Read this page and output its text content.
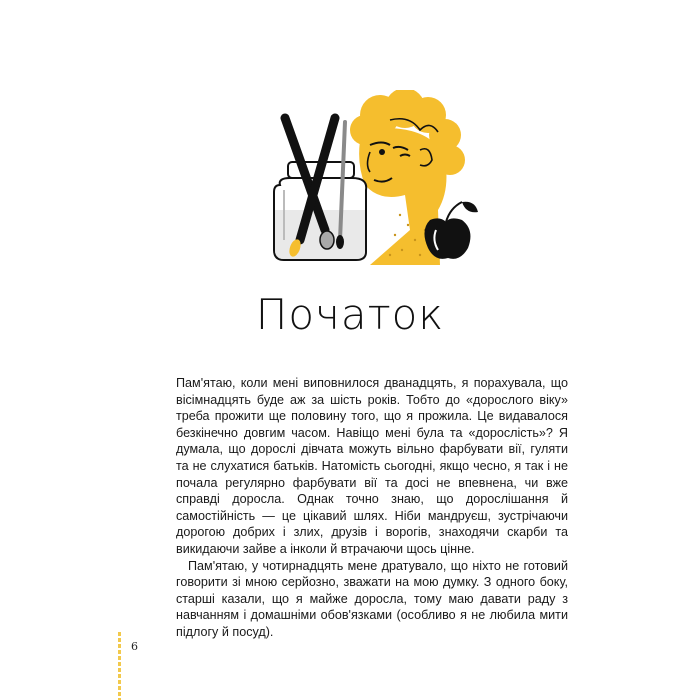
Початок

Пам'ятаю, коли мені виповнилося дванадцять, я порахувала, що вісімнадцять буде аж за шість років. Тобто до «дорослого віку» треба прожити ще половину того, що я прожила. Це видавалося безкінечно довгим часом. Навіщо мені була та «дорослість»? Я думала, що дорослі дівчата можуть вільно фарбувати вії, гуляти та не слухатися батьків. Натомість сьогодні, якщо чесно, я так і не почала регулярно фарбувати вії та досі не впевнена, чи вже справді доросла. Однак точно знаю, що дорослішання й самостійність — це цікавий шлях. Ніби мандруєш, зустрічаючи дорогою добрих і злих, друзів і ворогів, знаходячи скарби та викидаючи зайве а інколи й втрачаючи щось цінне.

Пам'ятаю, у чотирнадцять мене дратувало, що ніхто не готовий говорити зі мною серйозно, зважати на мою думку. З одного боку, старші казали, що я майже доросла, тому маю давати раду з навчанням і домашніми обов'язками (особливо я не любила мити підлогу й посуд).

6
